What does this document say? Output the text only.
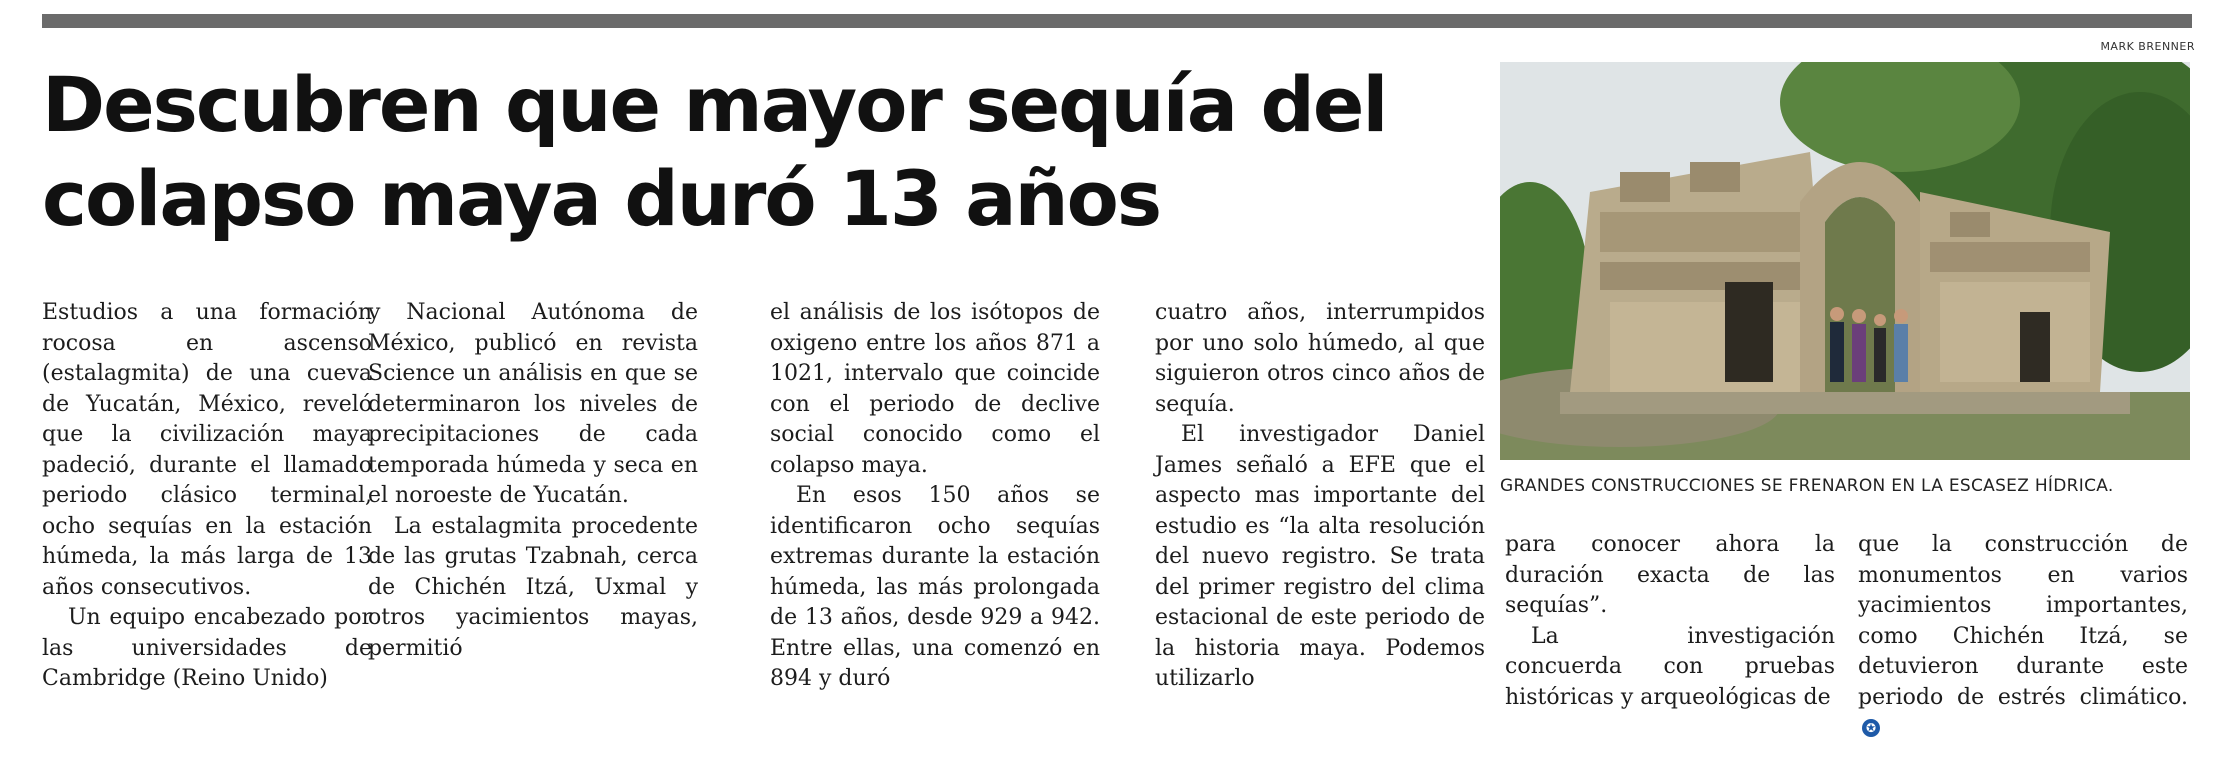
Descubren que mayor sequía del colapso maya duró 13 años

Estudios a una formación rocosa en ascenso (estalagmita) de una cueva de Yucatán, México, reveló que la civilización maya padeció, durante el llamado periodo clásico terminal, ocho sequías en la estación húmeda, la más larga de 13 años consecutivos.

Un equipo encabezado por las universidades de Cambridge (Reino Unido)

y Nacional Autónoma de México, publicó en revista Science un análisis en que se determinaron los niveles de precipitaciones de cada temporada húmeda y seca en el noroeste de Yucatán.

La estalagmita procedente de las grutas Tzabnah, cerca de Chichén Itzá, Uxmal y otros yacimientos mayas, permitió

el análisis de los isótopos de oxigeno entre los años 871 a 1021, intervalo que coincide con el periodo de declive social conocido como el colapso maya.

En esos 150 años se identificaron ocho sequías extremas durante la estación húmeda, las más prolongada de 13 años, desde 929 a 942. Entre ellas, una comenzó en 894 y duró

cuatro años, interrumpidos por uno solo húmedo, al que siguieron otros cinco años de sequía.

El investigador Daniel James señaló a EFE que el aspecto mas importante del estudio es “la alta resolución del nuevo registro. Se trata del primer registro del clima estacional de este periodo de la historia maya. Podemos utilizarlo

MARK BRENNER
GRANDES CONSTRUCCIONES SE FRENARON EN LA ESCASEZ HÍDRICA.

para conocer ahora la duración exacta de las sequías”.

La investigación concuerda con pruebas históricas y arqueológicas de

que la construcción de monumentos en varios yacimientos importantes, como Chichén Itzá, se detuvieron durante este periodo de estrés climático.✪
